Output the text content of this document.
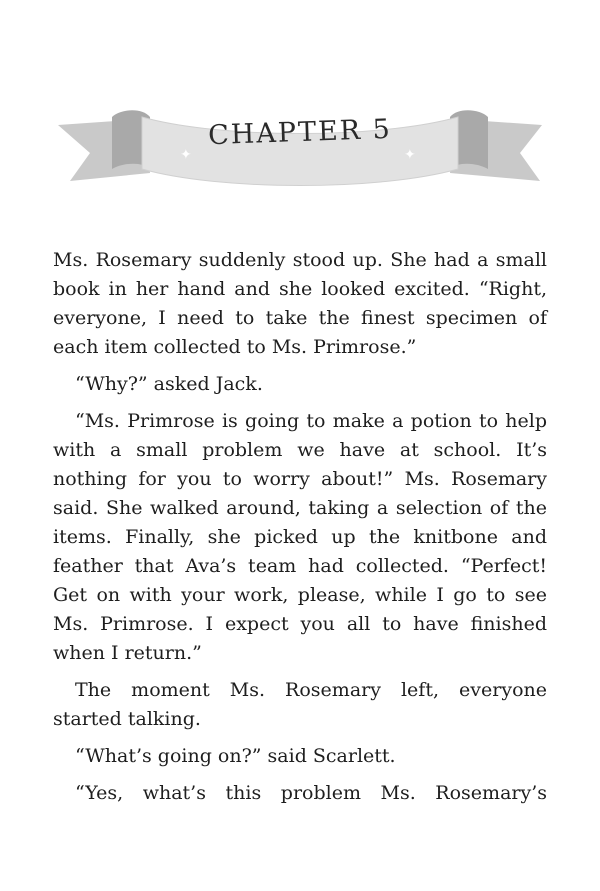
✦	✦
CHAPTER 5

Ms. Rosemary suddenly stood up. She had a small book in her hand and she looked excited. “Right, everyone, I need to take the finest specimen of each item collected to Ms. Primrose.”

“Why?” asked Jack.

“Ms. Primrose is going to make a potion to help with a small problem we have at school. It’s nothing for you to worry about!” Ms. Rosemary said. She walked around, taking a selection of the items. Finally, she picked up the knitbone and feather that Ava’s team had collected. “Perfect! Get on with your work, please, while I go to see Ms. Primrose. I expect you all to have finished when I return.”

The moment Ms. Rosemary left, everyone started talking.

“What’s going on?” said Scarlett.

“Yes, what’s this problem Ms. Rosemary’s
